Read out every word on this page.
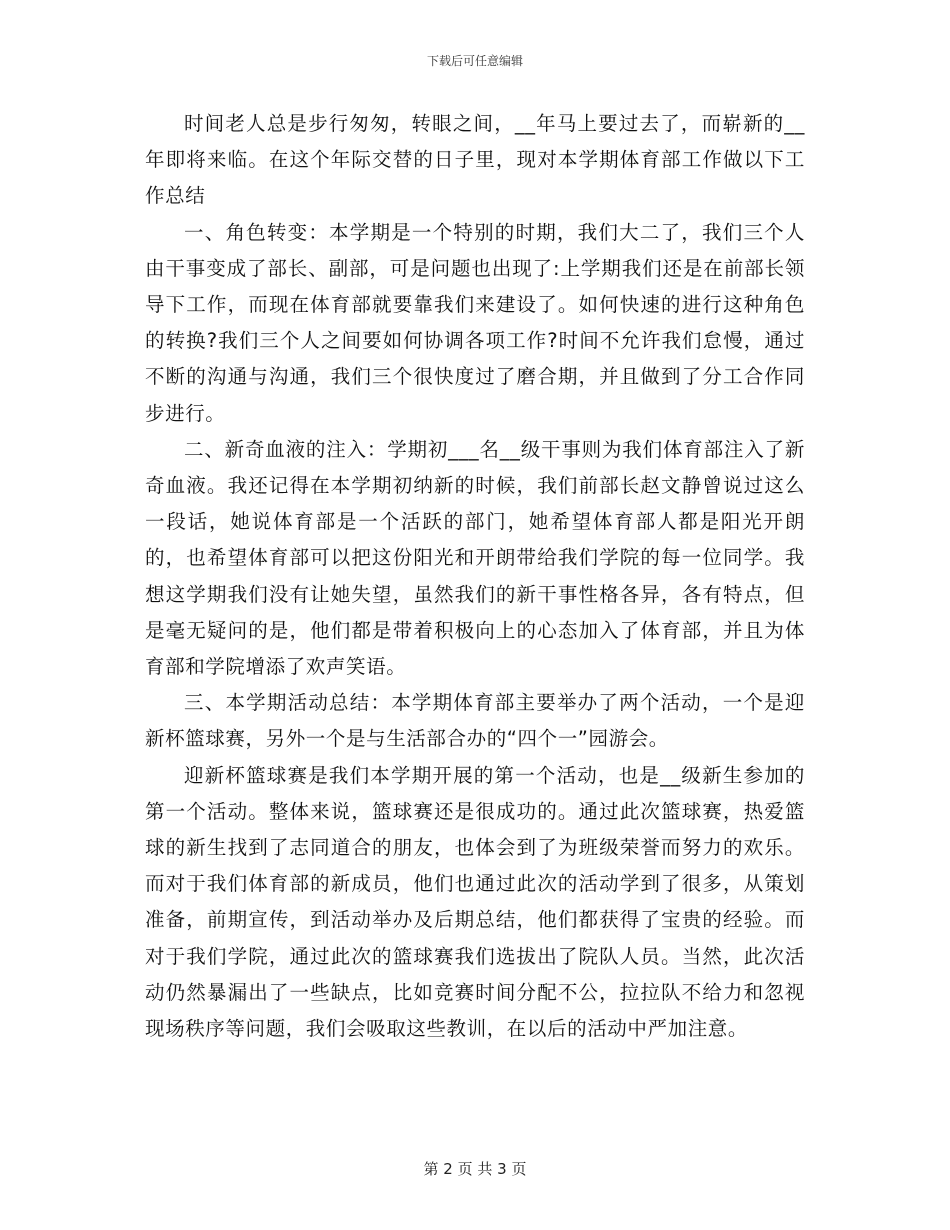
下载后可任意编辑

时间老人总是步行匆匆，转眼之间，__年马上要过去了，而崭新的__年即将来临。在这个年际交替的日子里，现对本学期体育部工作做以下工作总结

一、角色转变：本学期是一个特别的时期，我们大二了，我们三个人由干事变成了部长、副部，可是问题也出现了:上学期我们还是在前部长领导下工作，而现在体育部就要靠我们来建设了。如何快速的进行这种角色的转换?我们三个人之间要如何协调各项工作?时间不允许我们怠慢，通过不断的沟通与沟通，我们三个很快度过了磨合期，并且做到了分工合作同步进行。

二、新奇血液的注入：学期初___名__级干事则为我们体育部注入了新奇血液。我还记得在本学期初纳新的时候，我们前部长赵文静曾说过这么一段话，她说体育部是一个活跃的部门，她希望体育部人都是阳光开朗的，也希望体育部可以把这份阳光和开朗带给我们学院的每一位同学。我想这学期我们没有让她失望，虽然我们的新干事性格各异，各有特点，但是毫无疑问的是，他们都是带着积极向上的心态加入了体育部，并且为体育部和学院增添了欢声笑语。

三、本学期活动总结：本学期体育部主要举办了两个活动，一个是迎新杯篮球赛，另外一个是与生活部合办的“四个一”园游会。

迎新杯篮球赛是我们本学期开展的第一个活动，也是__级新生参加的第一个活动。整体来说，篮球赛还是很成功的。通过此次篮球赛，热爱篮球的新生找到了志同道合的朋友，也体会到了为班级荣誉而努力的欢乐。而对于我们体育部的新成员，他们也通过此次的活动学到了很多，从策划准备，前期宣传，到活动举办及后期总结，他们都获得了宝贵的经验。而对于我们学院，通过此次的篮球赛我们选拔出了院队人员。当然，此次活动仍然暴漏出了一些缺点，比如竞赛时间分配不公，拉拉队不给力和忽视现场秩序等问题，我们会吸取这些教训，在以后的活动中严加注意。

第 2 页 共 3 页
